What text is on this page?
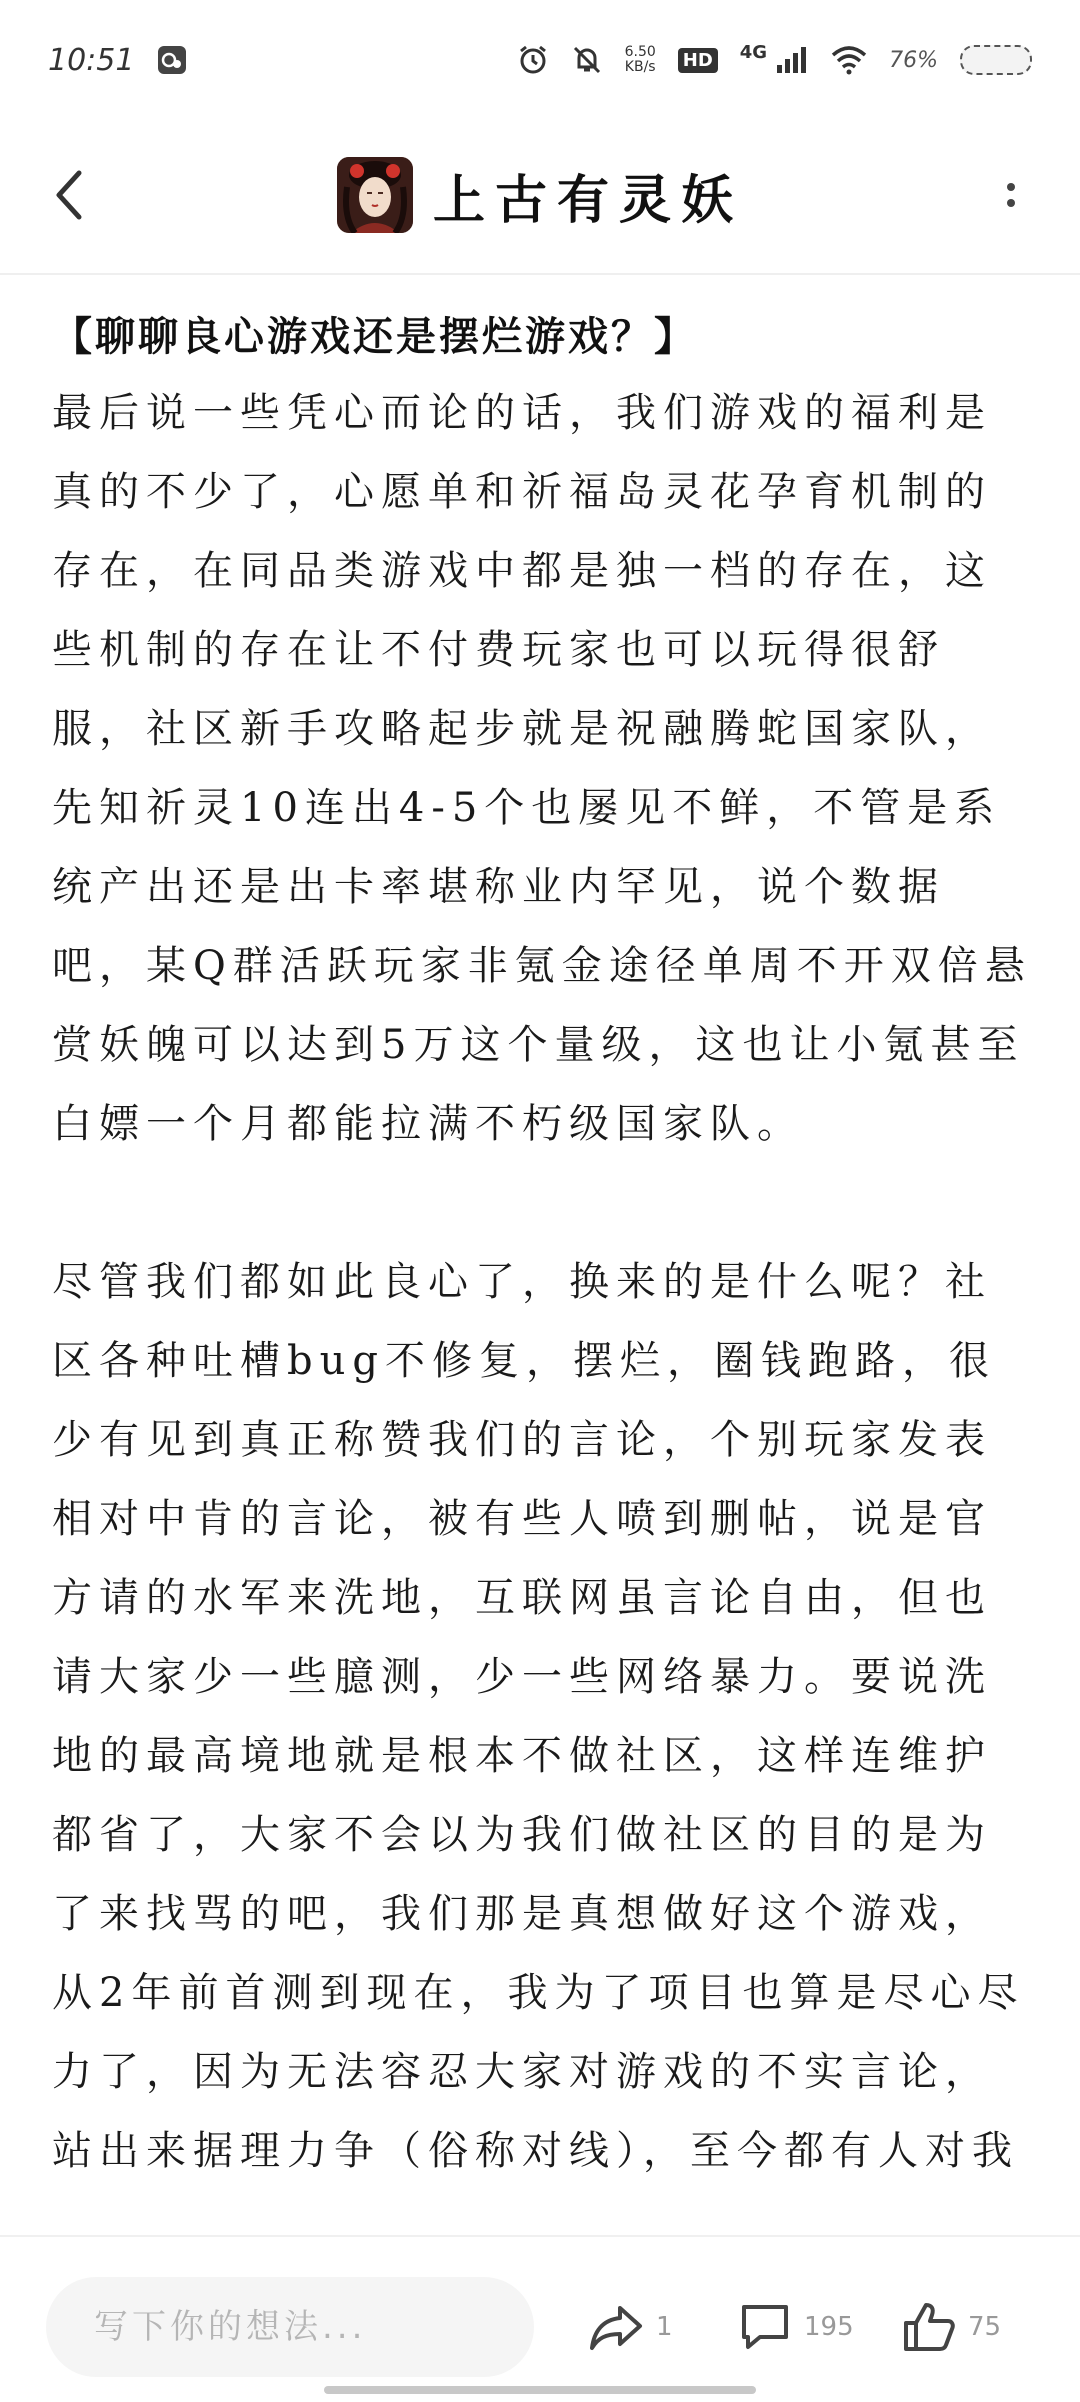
10:51	6.50
KB/s HD 4G	76%
上古有灵妖
【聊聊良心游戏还是摆烂游戏？】

最后说一些凭心而论的话，我们游戏的福利是真的不少了，心愿单和祈福岛灵花孕育机制的存在，在同品类游戏中都是独一档的存在，这些机制的存在让不付费玩家也可以玩得很舒服，社区新手攻略起步就是祝融腾蛇国家队，先知祈灵10连出4-5个也屡见不鲜，不管是系统产出还是出卡率堪称业内罕见，说个数据吧，某Q群活跃玩家非氪金途径单周不开双倍悬赏妖魄可以达到5万这个量级，这也让小氪甚至白嫖一个月都能拉满不朽级国家队。

尽管我们都如此良心了，换来的是什么呢？社区各种吐槽bug不修复，摆烂，圈钱跑路，很少有见到真正称赞我们的言论，个别玩家发表相对中肯的言论，被有些人喷到删帖，说是官方请的水军来洗地，互联网虽言论自由，但也请大家少一些臆测，少一些网络暴力。要说洗地的最高境地就是根本不做社区，这样连维护都省了，大家不会以为我们做社区的目的是为了来找骂的吧，我们那是真想做好这个游戏，从2年前首测到现在，我为了项目也算是尽心尽力了，因为无法容忍大家对游戏的不实言论，站出来据理力争（俗称对线），至今都有人对我

写下你的想法...
1	195	75
